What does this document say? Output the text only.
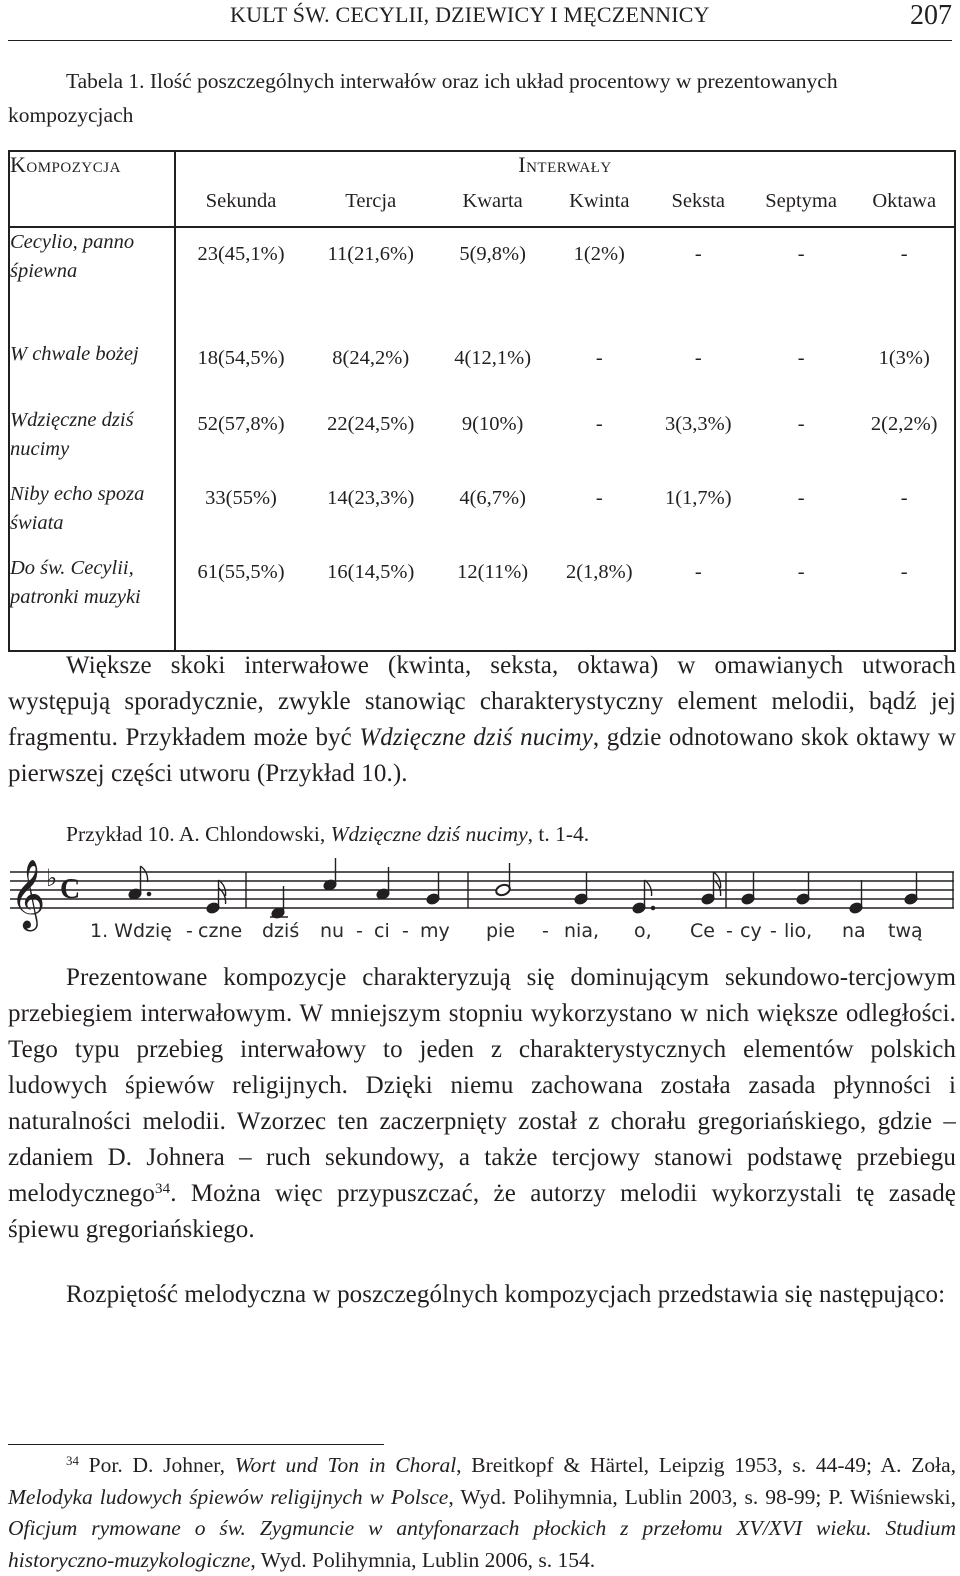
KULT ŚW. CECYLII, DZIEWICY I MĘCZENNICY	207
Tabela 1. Ilość poszczególnych interwałów oraz ich układ procentowy w prezentowanych kompozycjach
Kompozycja	Interwały						
	Sekunda	Tercja	Kwarta	Kwinta	Seksta	Septyma	Oktawa
Cecylio, panno śpiewna	23(45,1%)	11(21,6%)	5(9,8%)	1(2%)	-	-	-
W chwale bożej	18(54,5%)	8(24,2%)	4(12,1%)	-	-	-	1(3%)
Wdzięczne dziś nucimy	52(57,8%)	22(24,5%)	9(10%)	-	3(3,3%)	-	2(2,2%)
Niby echo spoza świata	33(55%)	14(23,3%)	4(6,7%)	-	1(1,7%)	-	-
Do św. Cecylii, patronki muzyki	61(55,5%)	16(14,5%)	12(11%)	2(1,8%)	-	-	-

Większe skoki interwałowe (kwinta, seksta, oktawa) w omawianych utworach występują sporadycznie, zwykle stanowiąc charakterystyczny element melodii, bądź jej fragmentu. Przykładem może być Wdzięczne dziś nucimy, gdzie odnotowano skok oktawy w pierwszej części utworu (Przykład 10.).

Przykład 10. A. Chlondowski, Wdzięczne dziś nucimy, t. 1-4.
𝄞 ♭ C
1. Wdzię - czne dziś nu - ci - my pie - nia, o, Ce - cy - lio, na twą

Prezentowane kompozycje charakteryzują się dominującym sekundowo-tercjowym przebiegiem interwałowym. W mniejszym stopniu wykorzystano w nich większe odległości. Tego typu przebieg interwałowy to jeden z charakterystycznych elementów polskich ludowych śpiewów religijnych. Dzięki niemu zachowana została zasada płynności i naturalności melodii. Wzorzec ten zaczerpnięty został z chorału gregoriańskiego, gdzie – zdaniem D. Johnera – ruch sekundowy, a także tercjowy stanowi podstawę przebiegu melodycznego$^{34}$. Można więc przypuszczać, że autorzy melodii wykorzystali tę zasadę śpiewu gregoriańskiego.

Rozpiętość melodyczna w poszczególnych kompozycjach przedstawia się następująco:

$^{34}$ Por. D. Johner, Wort und Ton in Choral, Breitkopf & Härtel, Leipzig 1953, s. 44-49; A. Zoła, Melodyka ludowych śpiewów religijnych w Polsce, Wyd. Polihymnia, Lublin 2003, s. 98-99; P. Wiśniewski, Oficjum rymowane o św. Zygmuncie w antyfonarzach płockich z przełomu XV/XVI wieku. Studium historyczno-muzykologiczne, Wyd. Polihymnia, Lublin 2006, s. 154.
